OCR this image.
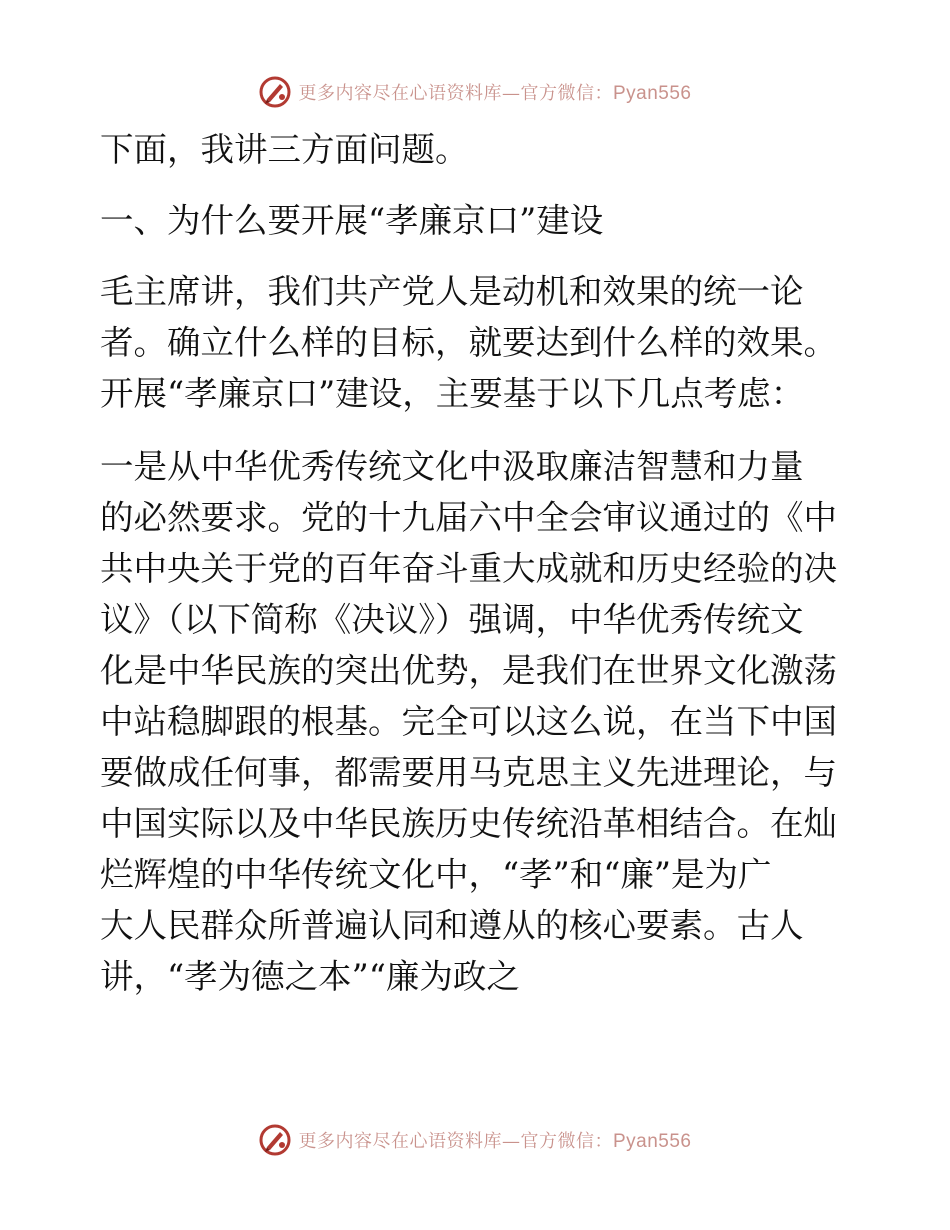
更多内容尽在心语资料库—官方微信：Pyan556

下面，我讲三方面问题。

一、为什么要开展“孝廉京口”建设

毛主席讲，我们共产党人是动机和效果的统一论
者。确立什么样的目标，就要达到什么样的效果。
开展“孝廉京口”建设，主要基于以下几点考虑：

一是从中华优秀传统文化中汲取廉洁智慧和力量
的必然要求。党的十九届六中全会审议通过的《中
共中央关于党的百年奋斗重大成就和历史经验的决
议》（以下简称《决议》）强调，中华优秀传统文
化是中华民族的突出优势，是我们在世界文化激荡
中站稳脚跟的根基。完全可以这么说，在当下中国
要做成任何事，都需要用马克思主义先进理论，与
中国实际以及中华民族历史传统沿革相结合。在灿
烂辉煌的中华传统文化中，“孝”和“廉”是为广
大人民群众所普遍认同和遵从的核心要素。古人
讲，“孝为德之本”“廉为政之

更多内容尽在心语资料库—官方微信：Pyan556
